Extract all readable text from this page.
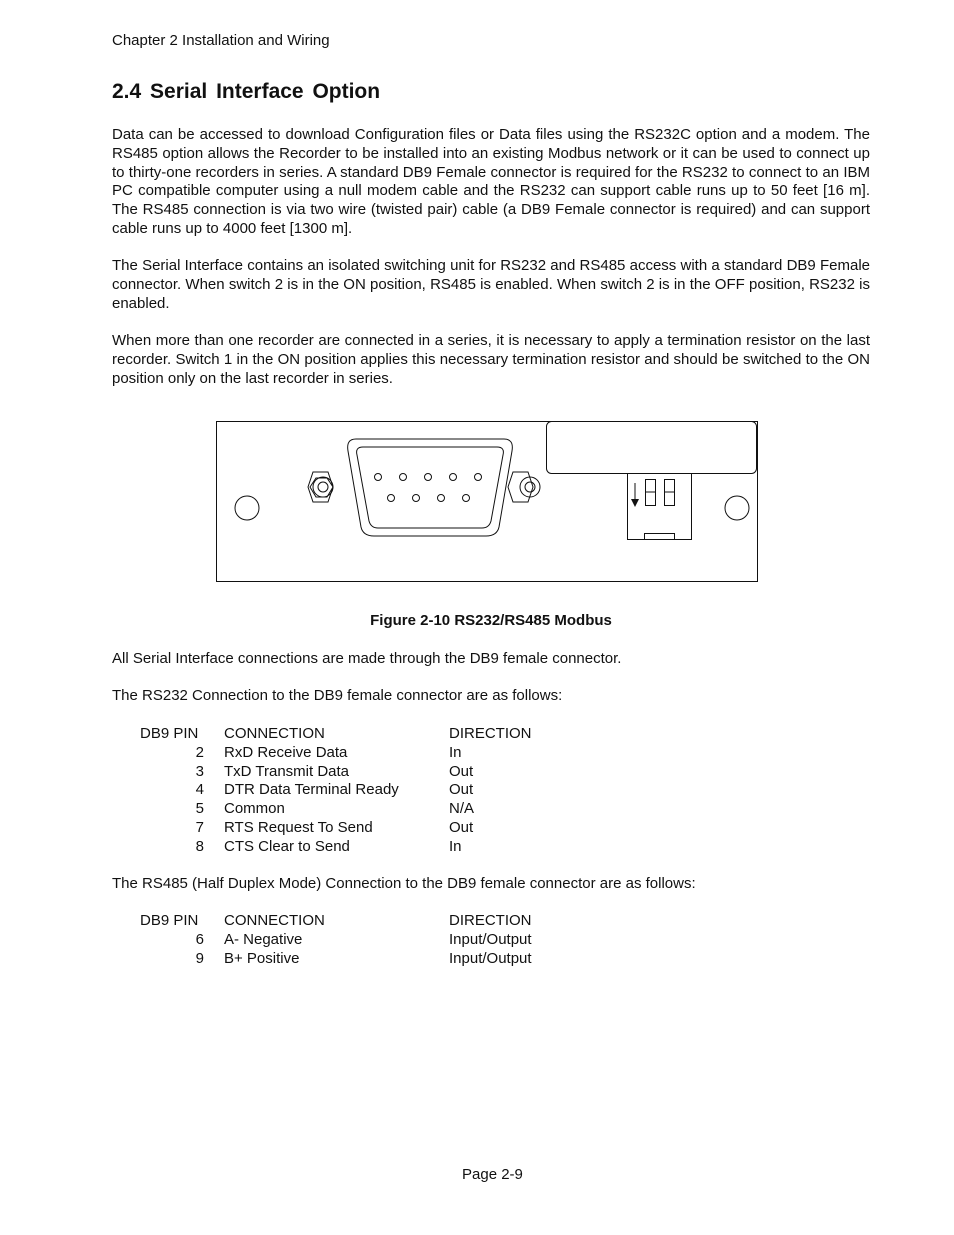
Chapter 2 Installation and Wiring
2.4 Serial Interface Option

Data can be accessed to download Configuration files or Data files using the RS232C option and a modem. The RS485 option allows the Recorder to be installed into an existing Modbus network or it can be used to connect up to thirty-one recorders in series. A standard DB9 Female connector is required for the RS232 to connect to an IBM PC compatible computer using a null modem cable and the RS232 can support cable runs up to 50 feet [16 m]. The RS485 connection is via two wire (twisted pair) cable (a DB9 Female connector is required) and can support cable runs up to 4000 feet [1300 m].

The Serial Interface contains an isolated switching unit for RS232 and RS485 access with a standard DB9 Female connector. When switch 2 is in the ON position, RS485 is enabled. When switch 2 is in the OFF position, RS232 is enabled.

When more than one recorder are connected in a series, it is necessary to apply a termination resistor on the last recorder. Switch 1 in the ON position applies this necessary termination resistor and should be switched to the ON position only on the last recorder in series.

Figure 2-10 RS232/RS485 Modbus
All Serial Interface connections are made through the DB9 female connector.
The RS232 Connection to the DB9 female connector are as follows:
DB9 PIN	CONNECTION	DIRECTION
2 RxD Receive Data	In
3 TxD Transmit Data	Out
4 DTR Data Terminal Ready	Out
5 Common	N/A
7 RTS Request To Send	Out
8 CTS Clear to Send	In
The RS485 (Half Duplex Mode) Connection to the DB9 female connector are as follows:
DB9 PIN	CONNECTION	DIRECTION
6 A- Negative	Input/Output
9 B+ Positive	Input/Output
Page 2-9
